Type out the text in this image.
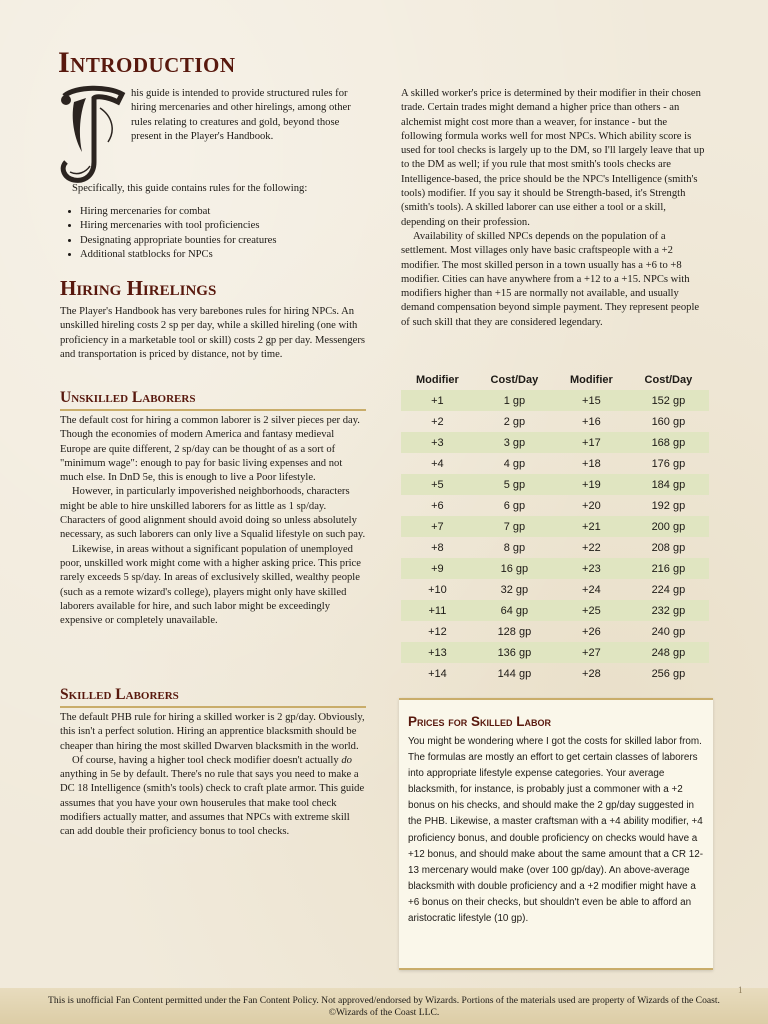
Introduction
T

his guide is intended to provide structured rules for hiring mercenaries and other hirelings, among other rules relating to creatures and gold, beyond those present in the Player's Handbook.

Specifically, this guide contains rules for the following:

• Hiring mercenaries for combat
• Hiring mercenaries with tool proficiencies
• Designating appropriate bounties for creatures
• Additional statblocks for NPCs
Hiring Hirelings

The Player's Handbook has very barebones rules for hiring NPCs. An unskilled hireling costs 2 sp per day, while a skilled hireling (one with proficiency in a marketable tool or skill) costs 2 gp per day. Messengers and transportation is priced by distance, not by time.

Unskilled Laborers

The default cost for hiring a common laborer is 2 silver pieces per day. Though the economies of modern America and fantasy medieval Europe are quite different, 2 sp/day can be thought of as a sort of "minimum wage": enough to pay for basic living expenses and not much else. In DnD 5e, this is enough to live a Poor lifestyle.

However, in particularly impoverished neighborhoods, characters might be able to hire unskilled laborers for as little as 1 sp/day. Characters of good alignment should avoid doing so unless absolutely necessary, as such laborers can only live a Squalid lifestyle on such pay.

Likewise, in areas without a significant population of unemployed poor, unskilled work might come with a higher asking price. This price rarely exceeds 5 sp/day. In areas of exclusively skilled, wealthy people (such as a remote wizard's college), players might only have skilled laborers available for hire, and such labor might be exceedingly expensive or completely unavailable.

Skilled Laborers

The default PHB rule for hiring a skilled worker is 2 gp/day. Obviously, this isn't a perfect solution. Hiring an apprentice blacksmith should be cheaper than hiring the most skilled Dwarven blacksmith in the world.

Of course, having a higher tool check modifier doesn't actually do anything in 5e by default. There's no rule that says you need to make a DC 18 Intelligence (smith's tools) check to craft plate armor. This guide assumes that you have your own houserules that make tool check modifiers actually matter, and assumes that NPCs with extreme skill can add double their proficiency bonus to tool checks.

A skilled worker's price is determined by their modifier in their chosen trade. Certain trades might demand a higher price than others - an alchemist might cost more than a weaver, for instance - but the following formula works well for most NPCs. Which ability score is used for tool checks is largely up to the DM, so I'll largely leave that up to the DM as well; if you rule that most smith's tools checks are Intelligence-based, the price should be the NPC's Intelligence (smith's tools) modifier. If you say it should be Strength-based, it's Strength (smith's tools). A skilled laborer can use either a tool or a skill, depending on their profession.

Availability of skilled NPCs depends on the population of a settlement. Most villages only have basic craftspeople with a +2 modifier. The most skilled person in a town usually has a +6 to +8 modifier. Cities can have anywhere from a +12 to a +15. NPCs with modifiers higher than +15 are normally not available, and usually demand compensation beyond simple payment. They represent people of such skill that they are considered legendary.

Modifier	Cost/Day	Modifier	Cost/Day
+1	1 gp	+15	152 gp
+2	2 gp	+16	160 gp
+3	3 gp	+17	168 gp
+4	4 gp	+18	176 gp
+5	5 gp	+19	184 gp
+6	6 gp	+20	192 gp
+7	7 gp	+21	200 gp
+8	8 gp	+22	208 gp
+9	16 gp	+23	216 gp
+10	32 gp	+24	224 gp
+11	64 gp	+25	232 gp
+12	128 gp	+26	240 gp
+13	136 gp	+27	248 gp
+14	144 gp	+28	256 gp
Prices for Skilled Labor

You might be wondering where I got the costs for skilled labor from. The formulas are mostly an effort to get certain classes of laborers into appropriate lifestyle expense categories. Your average blacksmith, for instance, is probably just a commoner with a +2 bonus on his checks, and should make the 2 gp/day suggested in the PHB. Likewise, a master craftsman with a +4 ability modifier, +4 proficiency bonus, and double proficiency on checks would have a +12 bonus, and should make about the same amount that a CR 12-13 mercenary would make (over 100 gp/day). An above-average blacksmith with double proficiency and a +2 modifier might have a +6 bonus on their checks, but shouldn't even be able to afford an aristocratic lifestyle (10 gp).

This is unofficial Fan Content permitted under the Fan Content Policy. Not approved/endorsed by Wizards. Portions of the materials used are property of Wizards of the Coast. ©Wizards of the Coast LLC.
1
